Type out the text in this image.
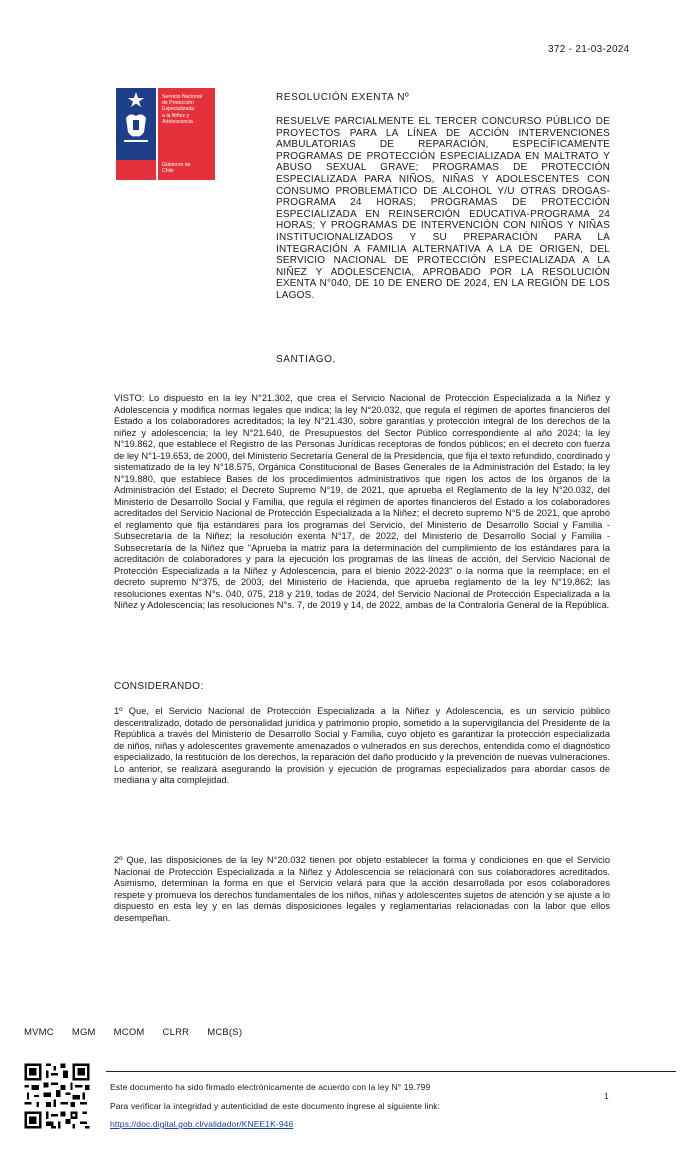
372 - 21-03-2024
Servicio Nacional
de Protección
Especializada
a la Niñez y
Adolescencia
Gobierno de
Chile
RESOLUCIÓN EXENTA Nº
RESUELVE PARCIALMENTE EL TERCER CONCURSO PÚBLICO DE PROYECTOS PARA LA LÍNEA DE ACCIÓN INTERVENCIONES AMBULATORIAS DE REPARACIÓN, ESPECÍFICAMENTE PROGRAMAS DE PROTECCIÓN ESPECIALIZADA EN MALTRATO Y ABUSO SEXUAL GRAVE; PROGRAMAS DE PROTECCIÓN ESPECIALIZADA PARA NIÑOS, NIÑAS Y ADOLESCENTES CON CONSUMO PROBLEMÁTICO DE ALCOHOL Y/U OTRAS DROGAS-PROGRAMA 24 HORAS; PROGRAMAS DE PROTECCIÓN ESPECIALIZADA EN REINSERCIÓN EDUCATIVA-PROGRAMA 24 HORAS; Y PROGRAMAS DE INTERVENCIÓN CON NIÑOS Y NIÑAS INSTITUCIONALIZADOS Y SU PREPARACIÓN PARA LA INTEGRACIÓN A FAMILIA ALTERNATIVA A LA DE ORIGEN, DEL SERVICIO NACIONAL DE PROTECCIÓN ESPECIALIZADA A LA NIÑEZ Y ADOLESCENCIA, APROBADO POR LA RESOLUCIÓN EXENTA N°040, DE 10 DE ENERO DE 2024, EN LA REGIÓN DE LOS LAGOS.
SANTIAGO,
VISTO: Lo dispuesto en la ley N°21.302, que crea el Servicio Nacional de Protección Especializada a la Niñez y Adolescencia y modifica normas legales que indica; la ley N°20.032, que regula el régimen de aportes financieros del Estado a los colaboradores acreditados; la ley N°21.430, sobre garantías y protección integral de los derechos de la niñez y adolescencia; la ley N°21.640, de Presupuestos del Sector Público correspondiente al año 2024; la ley N°19.862, que establece el Registro de las Personas Jurídicas receptoras de fondos públicos; en el decreto con fuerza de ley N°1-19.653, de 2000, del Ministerio Secretaría General de la Presidencia, que fija el texto refundido, coordinado y sistematizado de la ley N°18.575, Orgánica Constitucional de Bases Generales de la Administración del Estado; la ley N°19.880, que establece Bases de los procedimientos administrativos que rigen los actos de los órganos de la Administración del Estado; el Decreto Supremo N°19, de 2021, que aprueba el Reglamento de la ley N°20.032, del Ministerio de Desarrollo Social y Familia, que regula el régimen de aportes financieros del Estado a los colaboradores acreditados del Servicio Nacional de Protección Especializada a la Niñez; el decreto supremo N°5 de 2021, que aprobó el reglamento que fija estándares para los programas del Servicio, del Ministerio de Desarrollo Social y Familia - Subsecretaría de la Niñez; la resolución exenta N°17, de 2022, del Ministerio de Desarrollo Social y Familia - Subsecretaría de la Niñez que "Aprueba la matriz para la determinación del cumplimiento de los estándares para la acreditación de colaboradores y para la ejecución los programas de las líneas de acción, del Servicio Nacional de Protección Especializada a la Niñez y Adolescencia, para el bienio 2022-2023" o la norma que la reemplace; en el decreto supremo N°375, de 2003, del Ministerio de Hacienda, que aprueba reglamento de la ley N°19.862; las resoluciones exentas N°s. 040, 075, 218 y 219, todas de 2024, del Servicio Nacional de Protección Especializada a la Niñez y Adolescencia; las resoluciones N°s. 7, de 2019 y 14, de 2022, ambas de la Contraloría General de la República.
CONSIDERANDO:
1º Que, el Servicio Nacional de Protección Especializada a la Niñez y Adolescencia, es un servicio público descentralizado, dotado de personalidad jurídica y patrimonio propio, sometido a la supervigilancia del Presidente de la República a través del Ministerio de Desarrollo Social y Familia, cuyo objeto es garantizar la protección especializada de niños, niñas y adolescentes gravemente amenazados o vulnerados en sus derechos, entendida como el diagnóstico especializado, la restitución de los derechos, la reparación del daño producido y la prevención de nuevas vulneraciones. Lo anterior, se realizará asegurando la provisión y ejecución de programas especializados para abordar casos de mediana y alta complejidad.
2º Que, las disposiciones de la ley N°20.032 tienen por objeto establecer la forma y condiciones en que el Servicio Nacional de Protección Especializada a la Niñez y Adolescencia se relacionará con sus colaboradores acreditados. Asimismo, determinan la forma en que el Servicio velará para que la acción desarrollada por esos colaboradores respete y promueva los derechos fundamentales de los niños, niñas y adolescentes sujetos de atención y se ajuste a lo dispuesto en esta ley y en las demás disposiciones legales y reglamentarias relacionadas con la labor que ellos desempeñan.
MVMC MGM MCOM CLRR MCB(S)
Este documento ha sido firmado electrónicamente de acuerdo con la ley N° 19.799
Para verificar la integridad y autenticidad de este documento ingrese al siguiente link:
https://doc.digital.gob.cl/validador/KNEE1K-946
1
